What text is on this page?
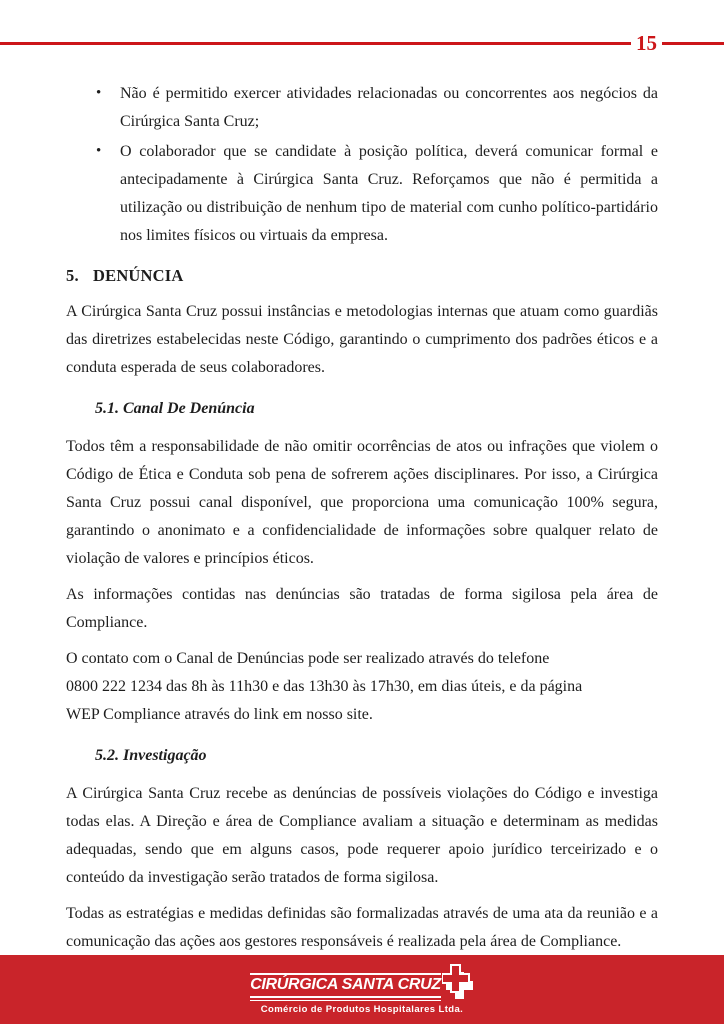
15
• Não é permitido exercer atividades relacionadas ou concorrentes aos negócios da Cirúrgica Santa Cruz;
• O colaborador que se candidate à posição política, deverá comunicar formal e antecipadamente à Cirúrgica Santa Cruz. Reforçamos que não é permitida a utilização ou distribuição de nenhum tipo de material com cunho político-partidário nos limites físicos ou virtuais da empresa.
5. DENÚNCIA

A Cirúrgica Santa Cruz possui instâncias e metodologias internas que atuam como guardiãs das diretrizes estabelecidas neste Código, garantindo o cumprimento dos padrões éticos e a conduta esperada de seus colaboradores.

5.1. Canal De Denúncia

Todos têm a responsabilidade de não omitir ocorrências de atos ou infrações que violem o Código de Ética e Conduta sob pena de sofrerem ações disciplinares. Por isso, a Cirúrgica Santa Cruz possui canal disponível, que proporciona uma comunicação 100% segura, garantindo o anonimato e a confidencialidade de informações sobre qualquer relato de violação de valores e princípios éticos.

As informações contidas nas denúncias são tratadas de forma sigilosa pela área de Compliance.

O contato com o Canal de Denúncias pode ser realizado através do telefone
0800 222 1234 das 8h às 11h30 e das 13h30 às 17h30, em dias úteis, e da página
WEP Compliance através do link em nosso site.

5.2. Investigação

A Cirúrgica Santa Cruz recebe as denúncias de possíveis violações do Código e investiga todas elas. A Direção e área de Compliance avaliam a situação e determinam as medidas adequadas, sendo que em alguns casos, pode requerer apoio jurídico terceirizado e o conteúdo da investigação serão tratados de forma sigilosa.

Todas as estratégias e medidas definidas são formalizadas através de uma ata da reunião e a comunicação das ações aos gestores responsáveis é realizada pela área de Compliance.

CIRÚRGICA SANTA CRUZ
Comércio de Produtos Hospitalares Ltda.
